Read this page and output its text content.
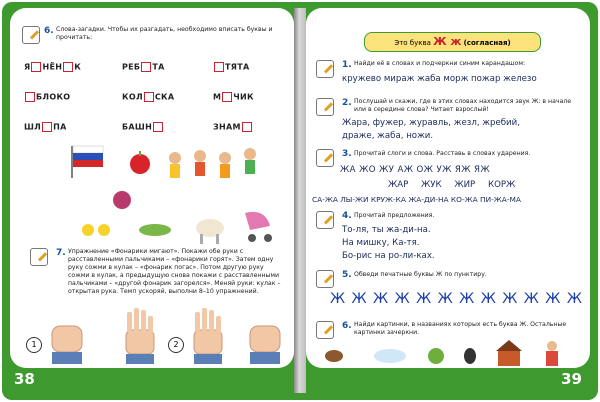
6. Слова-загадки. Чтобы их разгадать, необходимо вписать буквы и прочитать:
Я НЁН К	РЕБ ТА	ТЯТА
БЛОКО	КОЛ СКА	М ЧИК
ШЛ ПА	БАШН	ЗНАМ
7. Упражнение «Фонарики мигают». Покажи обе руки с расставленными пальчиками – «фонарики горят». Затем одну руку сожми в кулак – «фонарик погас». Потом другую руку сожми в кулак, а предыдущую снова покажи с расставленными пальчиками – «другой фонарик загорелся». Меняй руки: кулак – открытая рука. Темп ускоряй, выполни 8–10 упражнений.
1	2
Это буква Ж ж (согласная)
1. Найди её в словах и подчеркни синим карандашом:
кружево мираж жаба морж пожар железо
2. Послушай и скажи, где в этих словах находится звук Ж: в начале или в середине слова? Читает взрослый!
Жара, фужер, журавль, жезл, жребий,
драже, жаба, ножи.
3. Прочитай слоги и слова. Расставь в словах ударения.
ЖА ЖО ЖУ АЖ ОЖ УЖ ЯЖ ЯЖ
ЖАР ЖУК ЖИР КОРЖ
СА-ЖА ЛЫ-ЖИ КРУЖ-КА ЖА-ДИ-НА КО-ЖА ПИ-ЖА-МА
4. Прочитай предложения.
То-ля, ты жа-ди-на.
На мишку, Ка-тя.
Бо-рис на ро-ли-ках.
5. Обведи печатные буквы Ж по пунктиру.
Ж Ж Ж Ж Ж Ж Ж Ж Ж Ж Ж Ж
6. Найди картинки, в названиях которых есть буква Ж. Остальные картинки зачеркни.
38	39
